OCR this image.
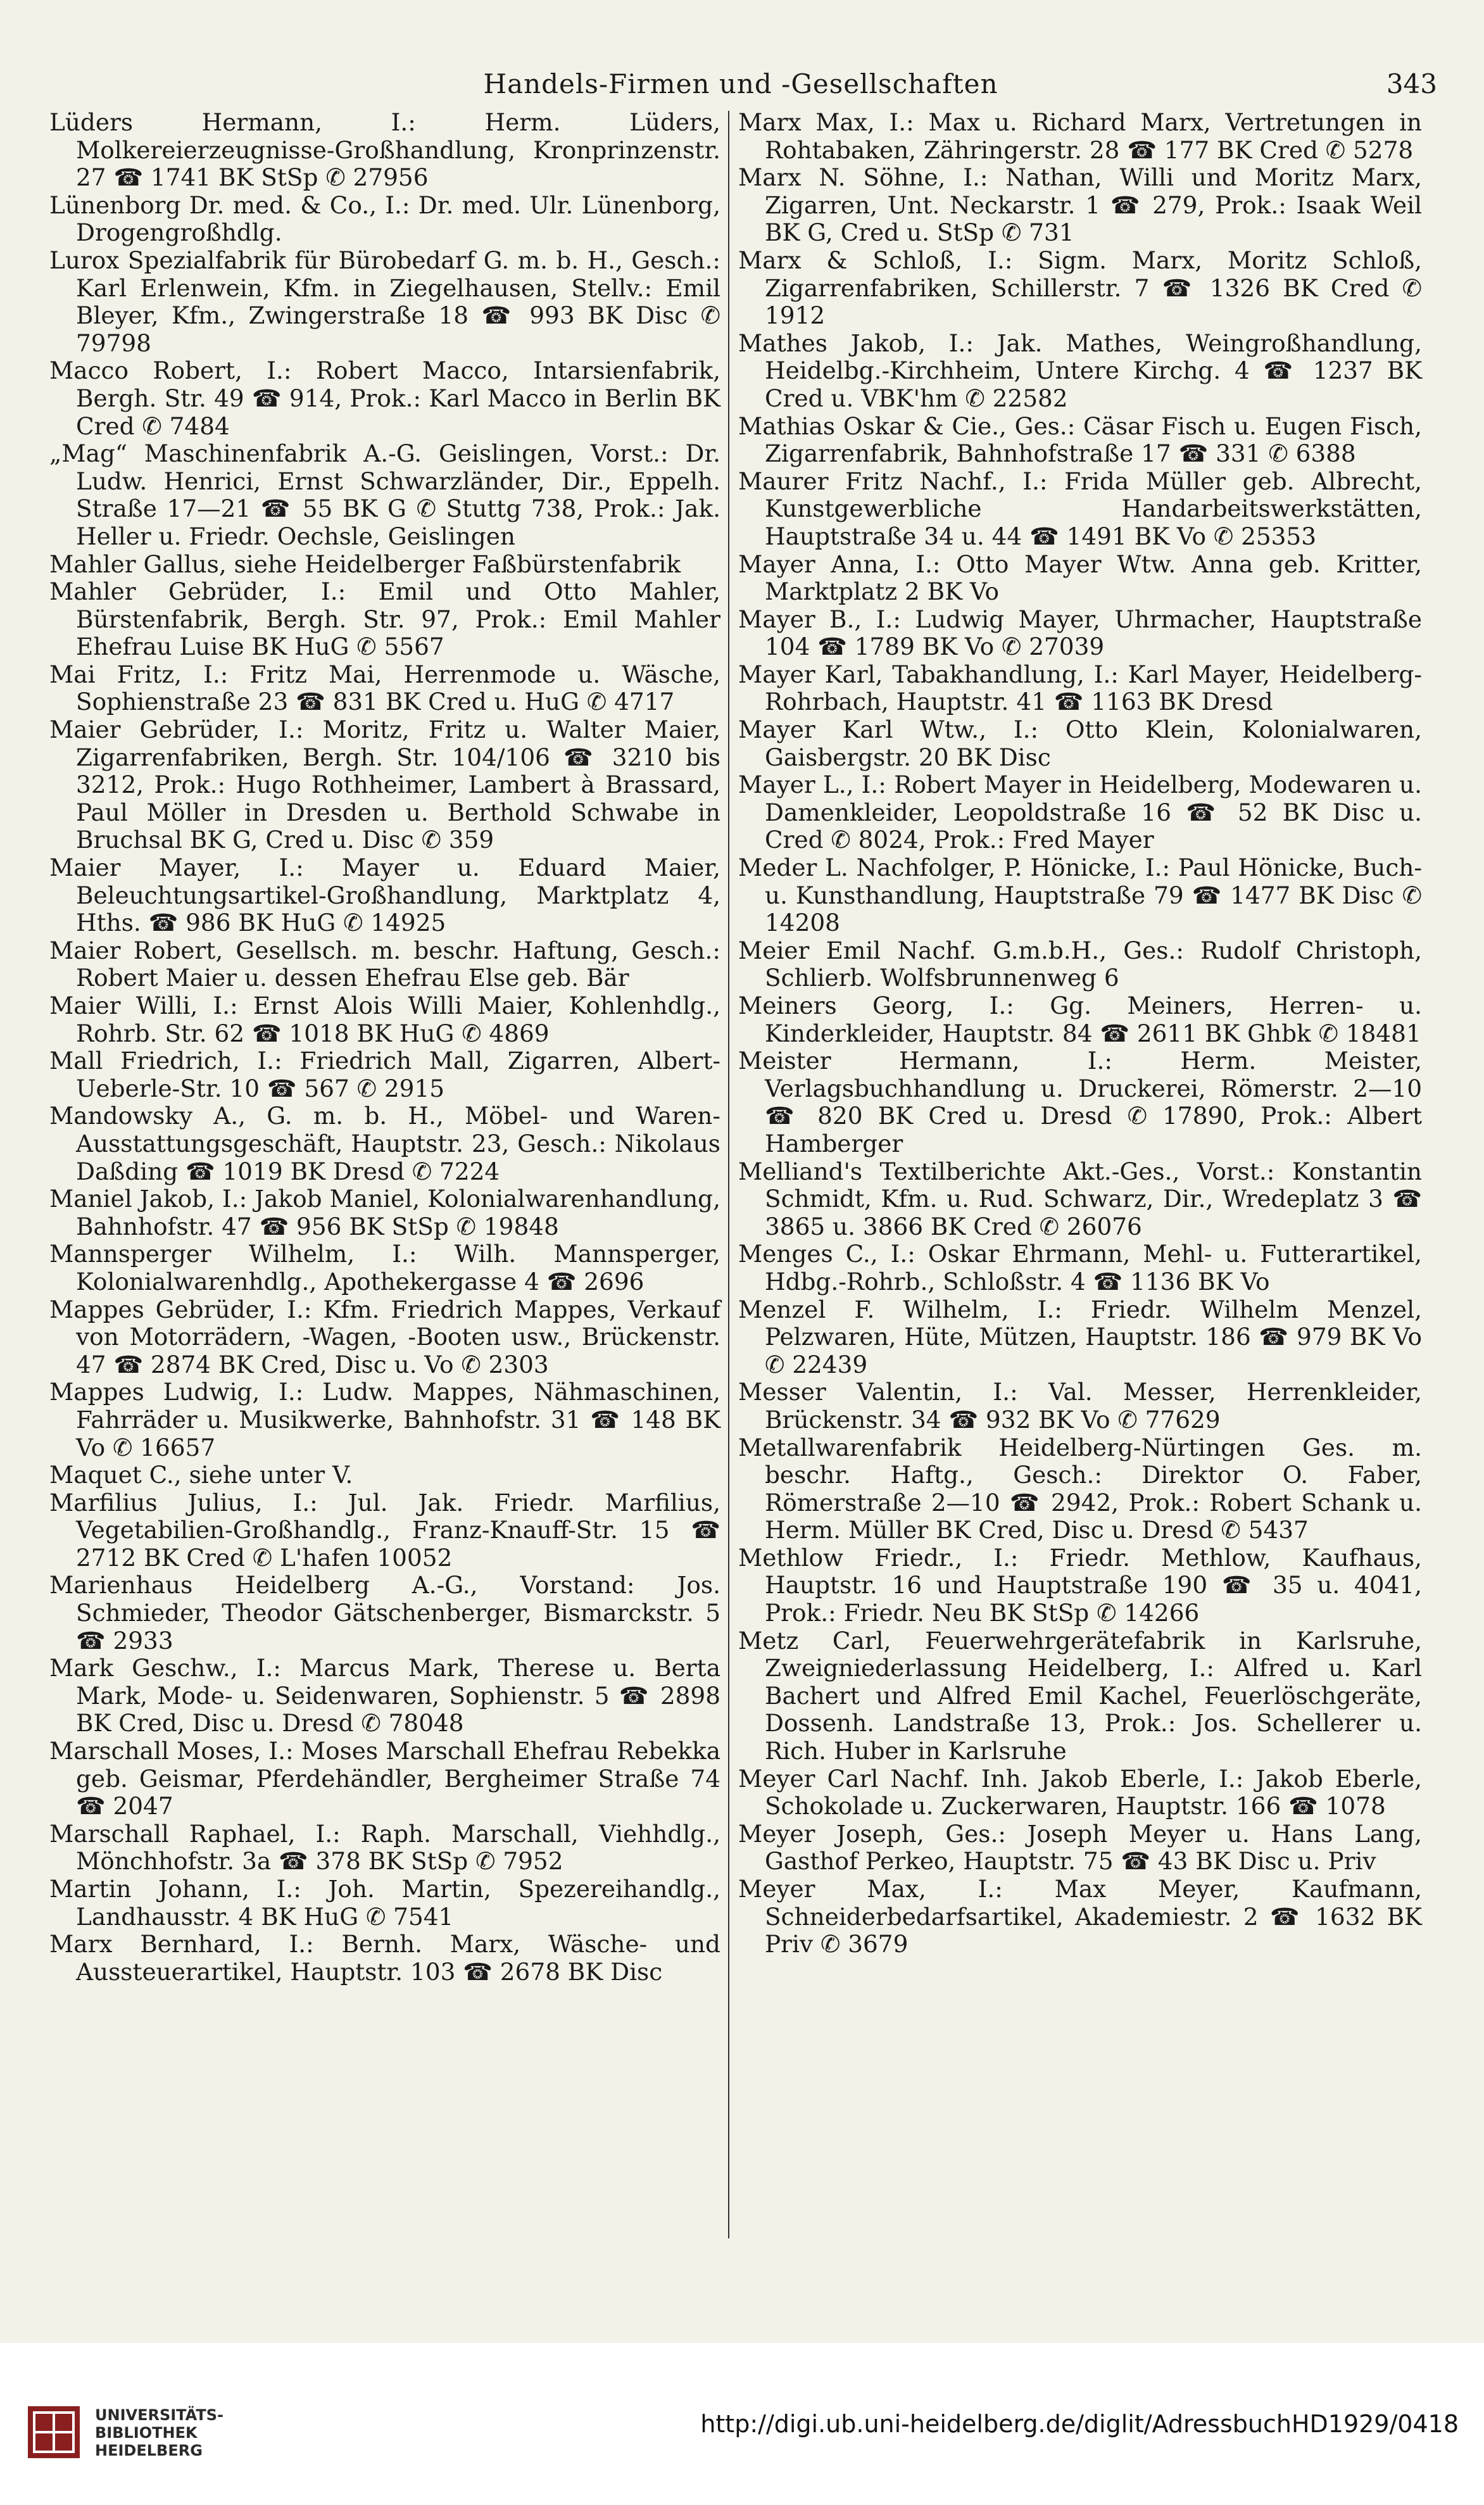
Handels-Firmen und -Gesellschaften	343

Lüders Hermann, I.: Herm. Lüders, Molkereierzeugnisse-Großhandlung, Kronprinzenstr. 27 ☎ 1741 BK StSp ✆ 27956

Lünenborg Dr. med. & Co., I.: Dr. med. Ulr. Lünenborg, Drogengroßhdlg.

Lurox Spezialfabrik für Bürobedarf G. m. b. H., Gesch.: Karl Erlenwein, Kfm. in Ziegelhausen, Stellv.: Emil Bleyer, Kfm., Zwingerstraße 18 ☎ 993 BK Disc ✆ 79798

Macco Robert, I.: Robert Macco, Intarsienfabrik, Bergh. Str. 49 ☎ 914, Prok.: Karl Macco in Berlin BK Cred ✆ 7484

„Mag“ Maschinenfabrik A.-G. Geislingen, Vorst.: Dr. Ludw. Henrici, Ernst Schwarzländer, Dir., Eppelh. Straße 17—21 ☎ 55 BK G ✆ Stuttg 738, Prok.: Jak. Heller u. Friedr. Oechsle, Geislingen

Mahler Gallus, siehe Heidelberger Faßbürstenfabrik

Mahler Gebrüder, I.: Emil und Otto Mahler, Bürstenfabrik, Bergh. Str. 97, Prok.: Emil Mahler Ehefrau Luise BK HuG ✆ 5567

Mai Fritz, I.: Fritz Mai, Herrenmode u. Wäsche, Sophienstraße 23 ☎ 831 BK Cred u. HuG ✆ 4717

Maier Gebrüder, I.: Moritz, Fritz u. Walter Maier, Zigarrenfabriken, Bergh. Str. 104/106 ☎ 3210 bis 3212, Prok.: Hugo Rothheimer, Lambert à Brassard, Paul Möller in Dresden u. Berthold Schwabe in Bruchsal BK G, Cred u. Disc ✆ 359

Maier Mayer, I.: Mayer u. Eduard Maier, Beleuchtungsartikel-Großhandlung, Marktplatz 4, Hths. ☎ 986 BK HuG ✆ 14925

Maier Robert, Gesellsch. m. beschr. Haftung, Gesch.: Robert Maier u. dessen Ehefrau Else geb. Bär

Maier Willi, I.: Ernst Alois Willi Maier, Kohlenhdlg., Rohrb. Str. 62 ☎ 1018 BK HuG ✆ 4869

Mall Friedrich, I.: Friedrich Mall, Zigarren, Albert-Ueberle-Str. 10 ☎ 567 ✆ 2915

Mandowsky A., G. m. b. H., Möbel- und Waren-Ausstattungsgeschäft, Hauptstr. 23, Gesch.: Nikolaus Daßding ☎ 1019 BK Dresd ✆ 7224

Maniel Jakob, I.: Jakob Maniel, Kolonialwarenhandlung, Bahnhofstr. 47 ☎ 956 BK StSp ✆ 19848

Mannsperger Wilhelm, I.: Wilh. Mannsperger, Kolonialwarenhdlg., Apothekergasse 4 ☎ 2696

Mappes Gebrüder, I.: Kfm. Friedrich Mappes, Verkauf von Motorrädern, -Wagen, -Booten usw., Brückenstr. 47 ☎ 2874 BK Cred, Disc u. Vo ✆ 2303

Mappes Ludwig, I.: Ludw. Mappes, Nähmaschinen, Fahrräder u. Musikwerke, Bahnhofstr. 31 ☎ 148 BK Vo ✆ 16657

Maquet C., siehe unter V.

Marfilius Julius, I.: Jul. Jak. Friedr. Marfilius, Vegetabilien-Großhandlg., Franz-Knauff-Str. 15 ☎ 2712 BK Cred ✆ L'hafen 10052

Marienhaus Heidelberg A.-G., Vorstand: Jos. Schmieder, Theodor Gätschenberger, Bismarckstr. 5 ☎ 2933

Mark Geschw., I.: Marcus Mark, Therese u. Berta Mark, Mode- u. Seidenwaren, Sophienstr. 5 ☎ 2898 BK Cred, Disc u. Dresd ✆ 78048

Marschall Moses, I.: Moses Marschall Ehefrau Rebekka geb. Geismar, Pferdehändler, Bergheimer Straße 74 ☎ 2047

Marschall Raphael, I.: Raph. Marschall, Viehhdlg., Mönchhofstr. 3a ☎ 378 BK StSp ✆ 7952

Martin Johann, I.: Joh. Martin, Spezereihandlg., Landhausstr. 4 BK HuG ✆ 7541

Marx Bernhard, I.: Bernh. Marx, Wäsche- und Aussteuerartikel, Hauptstr. 103 ☎ 2678 BK Disc

Marx Max, I.: Max u. Richard Marx, Vertretungen in Rohtabaken, Zähringerstr. 28 ☎ 177 BK Cred ✆ 5278

Marx N. Söhne, I.: Nathan, Willi und Moritz Marx, Zigarren, Unt. Neckarstr. 1 ☎ 279, Prok.: Isaak Weil BK G, Cred u. StSp ✆ 731

Marx & Schloß, I.: Sigm. Marx, Moritz Schloß, Zigarrenfabriken, Schillerstr. 7 ☎ 1326 BK Cred ✆ 1912

Mathes Jakob, I.: Jak. Mathes, Weingroßhandlung, Heidelbg.-Kirchheim, Untere Kirchg. 4 ☎ 1237 BK Cred u. VBK'hm ✆ 22582

Mathias Oskar & Cie., Ges.: Cäsar Fisch u. Eugen Fisch, Zigarrenfabrik, Bahnhofstraße 17 ☎ 331 ✆ 6388

Maurer Fritz Nachf., I.: Frida Müller geb. Albrecht, Kunstgewerbliche Handarbeitswerkstätten, Hauptstraße 34 u. 44 ☎ 1491 BK Vo ✆ 25353

Mayer Anna, I.: Otto Mayer Wtw. Anna geb. Kritter, Marktplatz 2 BK Vo

Mayer B., I.: Ludwig Mayer, Uhrmacher, Hauptstraße 104 ☎ 1789 BK Vo ✆ 27039

Mayer Karl, Tabakhandlung, I.: Karl Mayer, Heidelberg-Rohrbach, Hauptstr. 41 ☎ 1163 BK Dresd

Mayer Karl Wtw., I.: Otto Klein, Kolonialwaren, Gaisbergstr. 20 BK Disc

Mayer L., I.: Robert Mayer in Heidelberg, Modewaren u. Damenkleider, Leopoldstraße 16 ☎ 52 BK Disc u. Cred ✆ 8024, Prok.: Fred Mayer

Meder L. Nachfolger, P. Hönicke, I.: Paul Hönicke, Buch- u. Kunsthandlung, Hauptstraße 79 ☎ 1477 BK Disc ✆ 14208

Meier Emil Nachf. G.m.b.H., Ges.: Rudolf Christoph, Schlierb. Wolfsbrunnenweg 6

Meiners Georg, I.: Gg. Meiners, Herren- u. Kinderkleider, Hauptstr. 84 ☎ 2611 BK Ghbk ✆ 18481

Meister Hermann, I.: Herm. Meister, Verlagsbuchhandlung u. Druckerei, Römerstr. 2—10 ☎ 820 BK Cred u. Dresd ✆ 17890, Prok.: Albert Hamberger

Melliand's Textilberichte Akt.-Ges., Vorst.: Konstantin Schmidt, Kfm. u. Rud. Schwarz, Dir., Wredeplatz 3 ☎ 3865 u. 3866 BK Cred ✆ 26076

Menges C., I.: Oskar Ehrmann, Mehl- u. Futterartikel, Hdbg.-Rohrb., Schloßstr. 4 ☎ 1136 BK Vo

Menzel F. Wilhelm, I.: Friedr. Wilhelm Menzel, Pelzwaren, Hüte, Mützen, Hauptstr. 186 ☎ 979 BK Vo ✆ 22439

Messer Valentin, I.: Val. Messer, Herrenkleider, Brückenstr. 34 ☎ 932 BK Vo ✆ 77629

Metallwarenfabrik Heidelberg-Nürtingen Ges. m. beschr. Haftg., Gesch.: Direktor O. Faber, Römerstraße 2—10 ☎ 2942, Prok.: Robert Schank u. Herm. Müller BK Cred, Disc u. Dresd ✆ 5437

Methlow Friedr., I.: Friedr. Methlow, Kaufhaus, Hauptstr. 16 und Hauptstraße 190 ☎ 35 u. 4041, Prok.: Friedr. Neu BK StSp ✆ 14266

Metz Carl, Feuerwehrgerätefabrik in Karlsruhe, Zweigniederlassung Heidelberg, I.: Alfred u. Karl Bachert und Alfred Emil Kachel, Feuerlöschgeräte, Dossenh. Landstraße 13, Prok.: Jos. Schellerer u. Rich. Huber in Karlsruhe

Meyer Carl Nachf. Inh. Jakob Eberle, I.: Jakob Eberle, Schokolade u. Zuckerwaren, Hauptstr. 166 ☎ 1078

Meyer Joseph, Ges.: Joseph Meyer u. Hans Lang, Gasthof Perkeo, Hauptstr. 75 ☎ 43 BK Disc u. Priv

Meyer Max, I.: Max Meyer, Kaufmann, Schneiderbedarfsartikel, Akademiestr. 2 ☎ 1632 BK Priv ✆ 3679

UNIVERSITÄTS-
BIBLIOTHEK
HEIDELBERG
http://digi.ub.uni-heidelberg.de/diglit/AdressbuchHD1929/0418
